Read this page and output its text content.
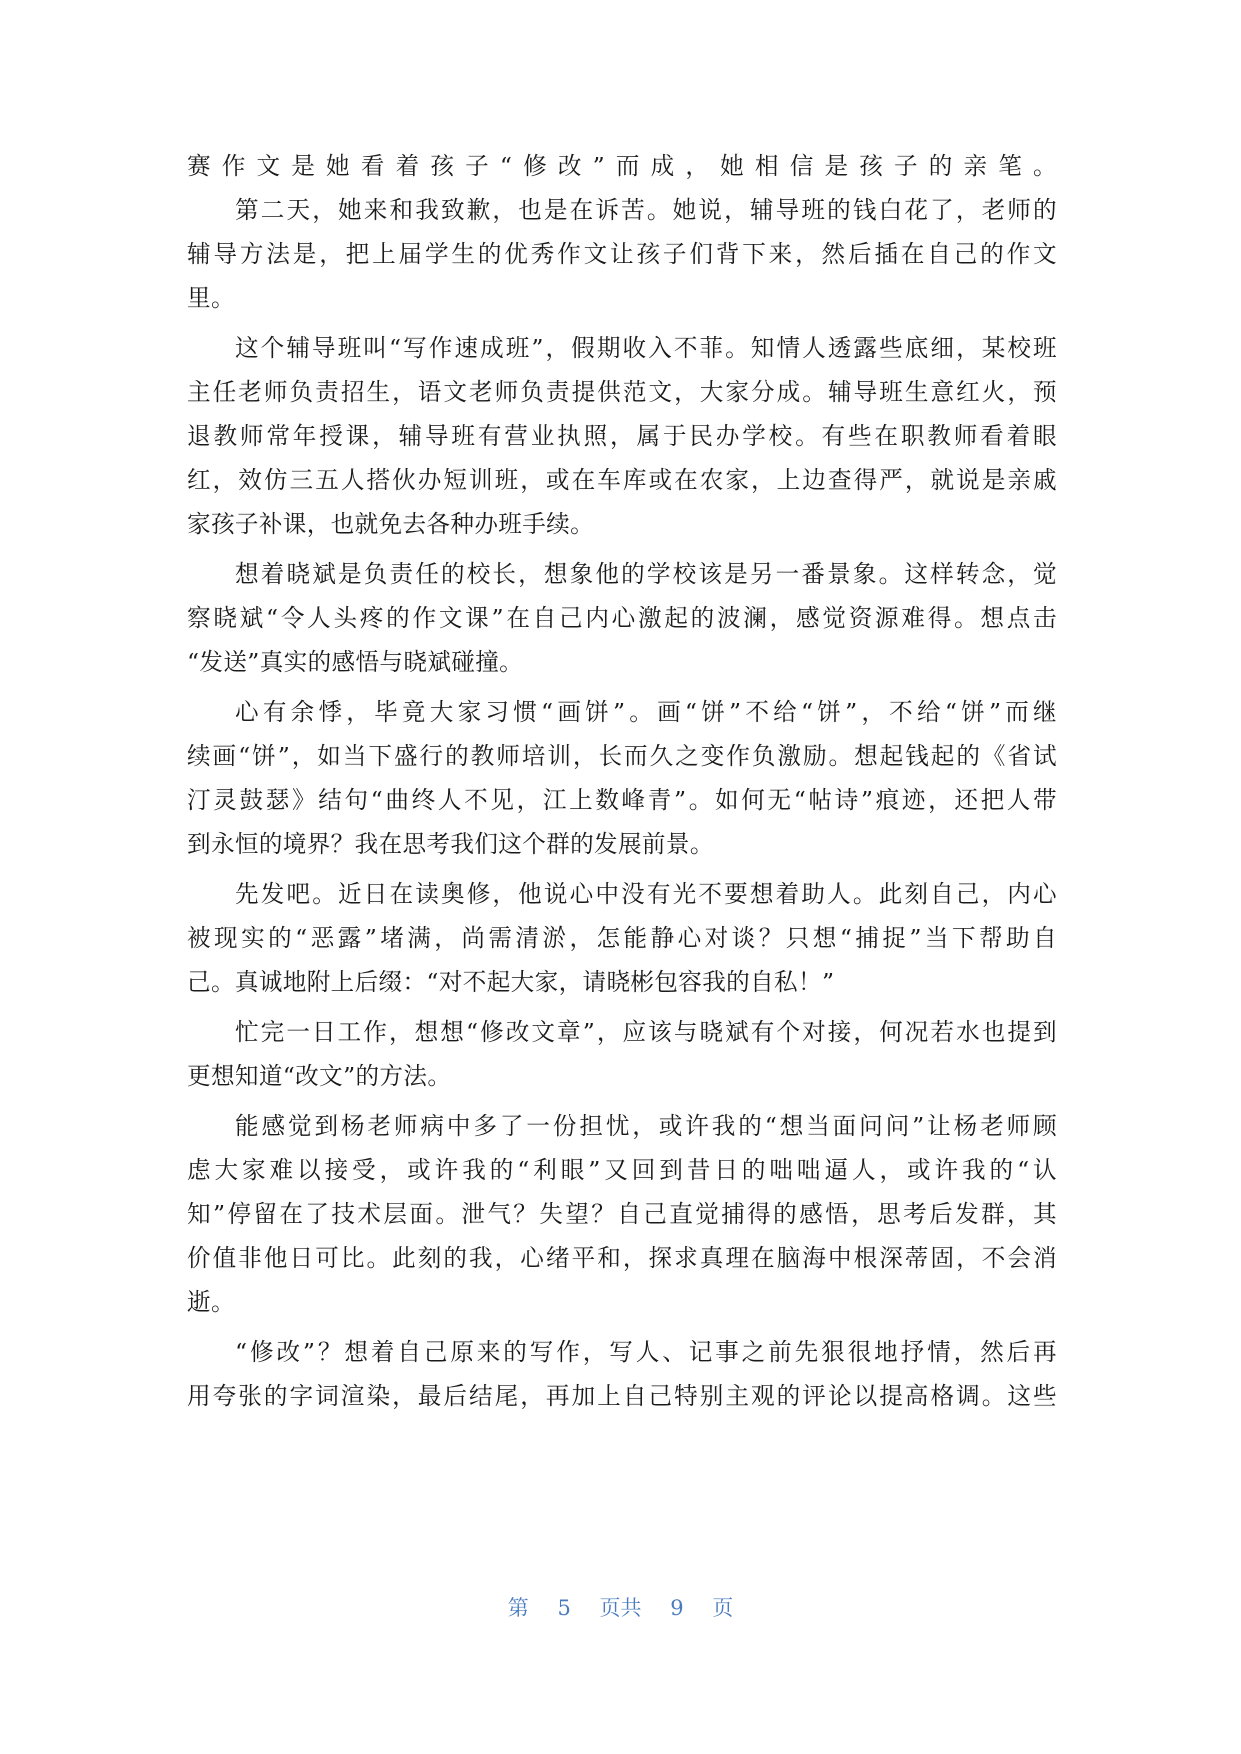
赛作文是她看着孩子“修改”而成，她相信是孩子的亲笔。
第二天，她来和我致歉，也是在诉苦。她说，辅导班的钱白花了，老师的
辅导方法是，把上届学生的优秀作文让孩子们背下来，然后插在自己的作文
里。
这个辅导班叫“写作速成班”，假期收入不菲。知情人透露些底细，某校班
主任老师负责招生，语文老师负责提供范文，大家分成。辅导班生意红火，预
退教师常年授课，辅导班有营业执照，属于民办学校。有些在职教师看着眼
红，效仿三五人搭伙办短训班，或在车库或在农家，上边查得严，就说是亲戚
家孩子补课，也就免去各种办班手续。
想着晓斌是负责任的校长，想象他的学校该是另一番景象。这样转念，觉
察晓斌“令人头疼的作文课”在自己内心激起的波澜，感觉资源难得。想点击
“发送”真实的感悟与晓斌碰撞。
心有余悸，毕竟大家习惯“画饼”。画“饼”不给“饼”，不给“饼”而继
续画“饼”，如当下盛行的教师培训，长而久之变作负激励。想起钱起的《省试
汀灵鼓瑟》结句“曲终人不见，江上数峰青”。如何无“帖诗”痕迹，还把人带
到永恒的境界？我在思考我们这个群的发展前景。
先发吧。近日在读奥修，他说心中没有光不要想着助人。此刻自己，内心
被现实的“恶露”堵满，尚需清淤，怎能静心对谈？只想“捕捉”当下帮助自
己。真诚地附上后缀：“对不起大家，请晓彬包容我的自私！”
忙完一日工作，想想“修改文章”，应该与晓斌有个对接，何况若水也提到
更想知道“改文”的方法。
能感觉到杨老师病中多了一份担忧，或许我的“想当面问问”让杨老师顾
虑大家难以接受，或许我的“利眼”又回到昔日的咄咄逼人，或许我的“认
知”停留在了技术层面。泄气？失望？自己直觉捕得的感悟，思考后发群，其
价值非他日可比。此刻的我，心绪平和，探求真理在脑海中根深蒂固，不会消
逝。
“修改”？想着自己原来的写作，写人、记事之前先狠很地抒情，然后再
用夸张的字词渲染，最后结尾，再加上自己特别主观的评论以提高格调。这些
第 5 页共 9 页
